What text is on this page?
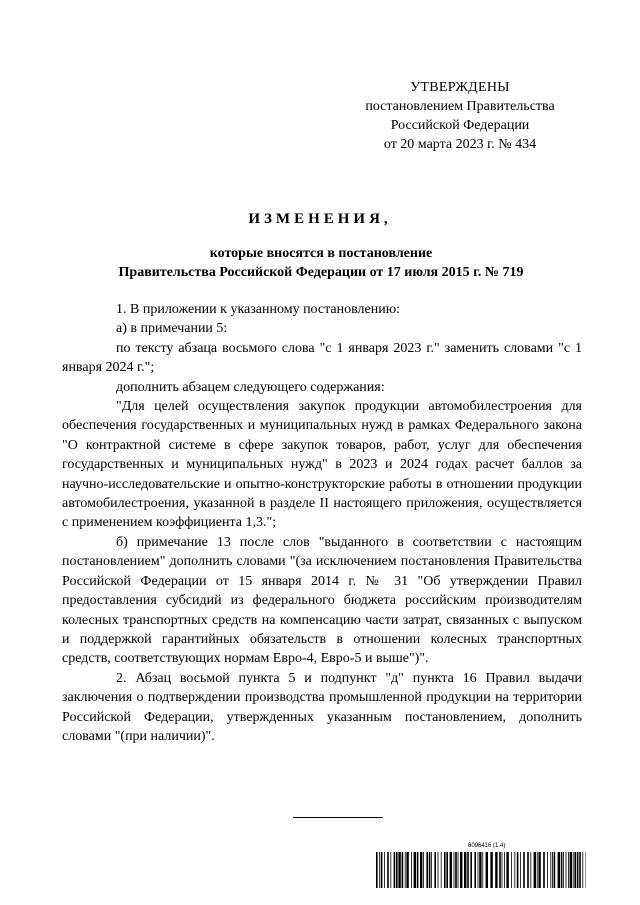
УТВЕРЖДЕНЫ
постановлением Правительства
Российской Федерации
от 20 марта 2023 г. № 434
ИЗМЕНЕНИЯ,
которые вносятся в постановление
Правительства Российской Федерации от 17 июля 2015 г. № 719

1. В приложении к указанному постановлению:

а) в примечании 5:

по тексту абзаца восьмого слова "с 1 января 2023 г." заменить словами "с 1 января 2024 г.";

дополнить абзацем следующего содержания:

"Для целей осуществления закупок продукции автомобилестроения для обеспечения государственных и муниципальных нужд в рамках Федерального закона "О контрактной системе в сфере закупок товаров, работ, услуг для обеспечения государственных и муниципальных нужд" в 2023 и 2024 годах расчет баллов за научно-исследовательские и опытно-конструкторские работы в отношении продукции автомобилестроения, указанной в разделе II настоящего приложения, осуществляется с применением коэффициента 1,3.";

б) примечание 13 после слов "выданного в соответствии с настоящим постановлением" дополнить словами "(за исключением постановления Правительства Российской Федерации от 15 января 2014 г. № 31 "Об утверждении Правил предоставления субсидий из федерального бюджета российским производителям колесных транспортных средств на компенсацию части затрат, связанных с выпуском и поддержкой гарантийных обязательств в отношении колесных транспортных средств, соответствующих нормам Евро-4, Евро-5 и выше")".

2. Абзац восьмой пункта 5 и подпункт "д" пункта 16 Правил выдачи заключения о подтверждении производства промышленной продукции на территории Российской Федерации, утвержденных указанным постановлением, дополнить словами "(при наличии)".

6096416 (1.4)
